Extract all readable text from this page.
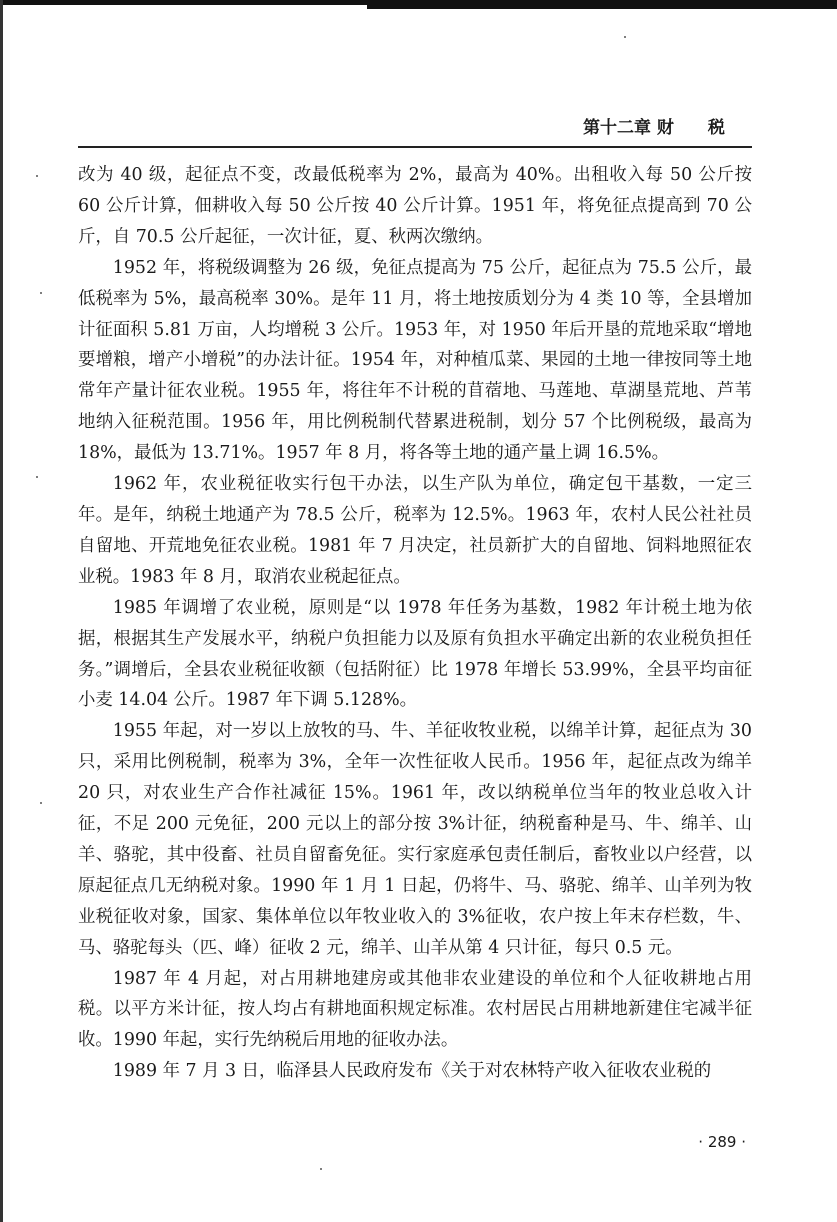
第十二章 财　　税

改为 40 级，起征点不变，改最低税率为 2%，最高为 40%。出租收入每 50 公斤按 60 公斤计算，佃耕收入每 50 公斤按 40 公斤计算。1951 年，将免征点提高到 70 公斤，自 70.5 公斤起征，一次计征，夏、秋两次缴纳。

1952 年，将税级调整为 26 级，免征点提高为 75 公斤，起征点为 75.5 公斤，最低税率为 5%，最高税率 30%。是年 11 月，将土地按质划分为 4 类 10 等，全县增加计征面积 5.81 万亩，人均增税 3 公斤。1953 年，对 1950 年后开垦的荒地采取“增地要增粮，增产小增税”的办法计征。1954 年，对种植瓜菜、果园的土地一律按同等土地常年产量计征农业税。1955 年，将往年不计税的苜蓿地、马莲地、草湖垦荒地、芦苇地纳入征税范围。1956 年，用比例税制代替累进税制，划分 57 个比例税级，最高为 18%，最低为 13.71%。1957 年 8 月，将各等土地的通产量上调 16.5%。

1962 年，农业税征收实行包干办法，以生产队为单位，确定包干基数，一定三年。是年，纳税土地通产为 78.5 公斤，税率为 12.5%。1963 年，农村人民公社社员自留地、开荒地免征农业税。1981 年 7 月决定，社员新扩大的自留地、饲料地照征农业税。1983 年 8 月，取消农业税起征点。

1985 年调增了农业税，原则是“以 1978 年任务为基数，1982 年计税土地为依据，根据其生产发展水平，纳税户负担能力以及原有负担水平确定出新的农业税负担任务。”调增后，全县农业税征收额（包括附征）比 1978 年增长 53.99%，全县平均亩征小麦 14.04 公斤。1987 年下调 5.128%。

1955 年起，对一岁以上放牧的马、牛、羊征收牧业税，以绵羊计算，起征点为 30 只，采用比例税制，税率为 3%，全年一次性征收人民币。1956 年，起征点改为绵羊 20 只，对农业生产合作社减征 15%。1961 年，改以纳税单位当年的牧业总收入计征，不足 200 元免征，200 元以上的部分按 3%计征，纳税畜种是马、牛、绵羊、山羊、骆驼，其中役畜、社员自留畜免征。实行家庭承包责任制后，畜牧业以户经营，以原起征点几无纳税对象。1990 年 1 月 1 日起，仍将牛、马、骆驼、绵羊、山羊列为牧业税征收对象，国家、集体单位以年牧业收入的 3%征收，农户按上年末存栏数，牛、马、骆驼每头（匹、峰）征收 2 元，绵羊、山羊从第 4 只计征，每只 0.5 元。

1987 年 4 月起，对占用耕地建房或其他非农业建设的单位和个人征收耕地占用税。以平方米计征，按人均占有耕地面积规定标准。农村居民占用耕地新建住宅减半征收。1990 年起，实行先纳税后用地的征收办法。

1989 年 7 月 3 日，临泽县人民政府发布《关于对农林特产收入征收农业税的

· 289 ·
